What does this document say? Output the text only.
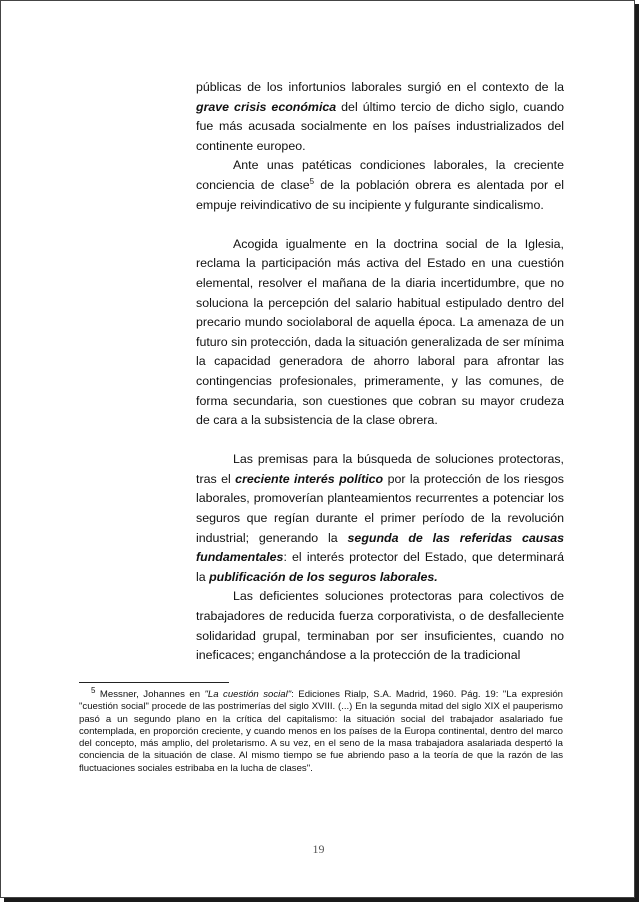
públicas de los infortunios laborales surgió en el contexto de la grave crisis económica del último tercio de dicho siglo, cuando fue más acusada socialmente en los países industrializados del continente europeo.

Ante unas patéticas condiciones laborales, la creciente conciencia de clase$^5$ de la población obrera es alentada por el empuje reivindicativo de su incipiente y fulgurante sindicalismo.

Acogida igualmente en la doctrina social de la Iglesia, reclama la participación más activa del Estado en una cuestión elemental, resolver el mañana de la diaria incertidumbre, que no soluciona la percepción del salario habitual estipulado dentro del precario mundo sociolaboral de aquella época. La amenaza de un futuro sin protección, dada la situación generalizada de ser mínima la capacidad generadora de ahorro laboral para afrontar las contingencias profesionales, primeramente, y las comunes, de forma secundaria, son cuestiones que cobran su mayor crudeza de cara a la subsistencia de la clase obrera.

Las premisas para la búsqueda de soluciones protectoras, tras el creciente interés político por la protección de los riesgos laborales, promoverían planteamientos recurrentes a potenciar los seguros que regían durante el primer período de la revolución industrial; generando la segunda de las referidas causas fundamentales: el interés protector del Estado, que determinará la publificación de los seguros laborales.

Las deficientes soluciones protectoras para colectivos de trabajadores de reducida fuerza corporativista, o de desfalleciente solidaridad grupal, terminaban por ser insuficientes, cuando no ineficaces; enganchándose a la protección de la tradicional

$^5$ Messner, Johannes en "La cuestión social": Ediciones Rialp, S.A. Madrid, 1960. Pág. 19: "La expresión "cuestión social" procede de las postrimerías del siglo XVIII. (...) En la segunda mitad del siglo XIX el pauperismo pasó a un segundo plano en la crítica del capitalismo: la situación social del trabajador asalariado fue contemplada, en proporción creciente, y cuando menos en los países de la Europa continental, dentro del marco del concepto, más amplio, del proletarismo. A su vez, en el seno de la masa trabajadora asalariada despertó la conciencia de la situación de clase. Al mismo tiempo se fue abriendo paso a la teoría de que la razón de las fluctuaciones sociales estribaba en la lucha de clases".

19
